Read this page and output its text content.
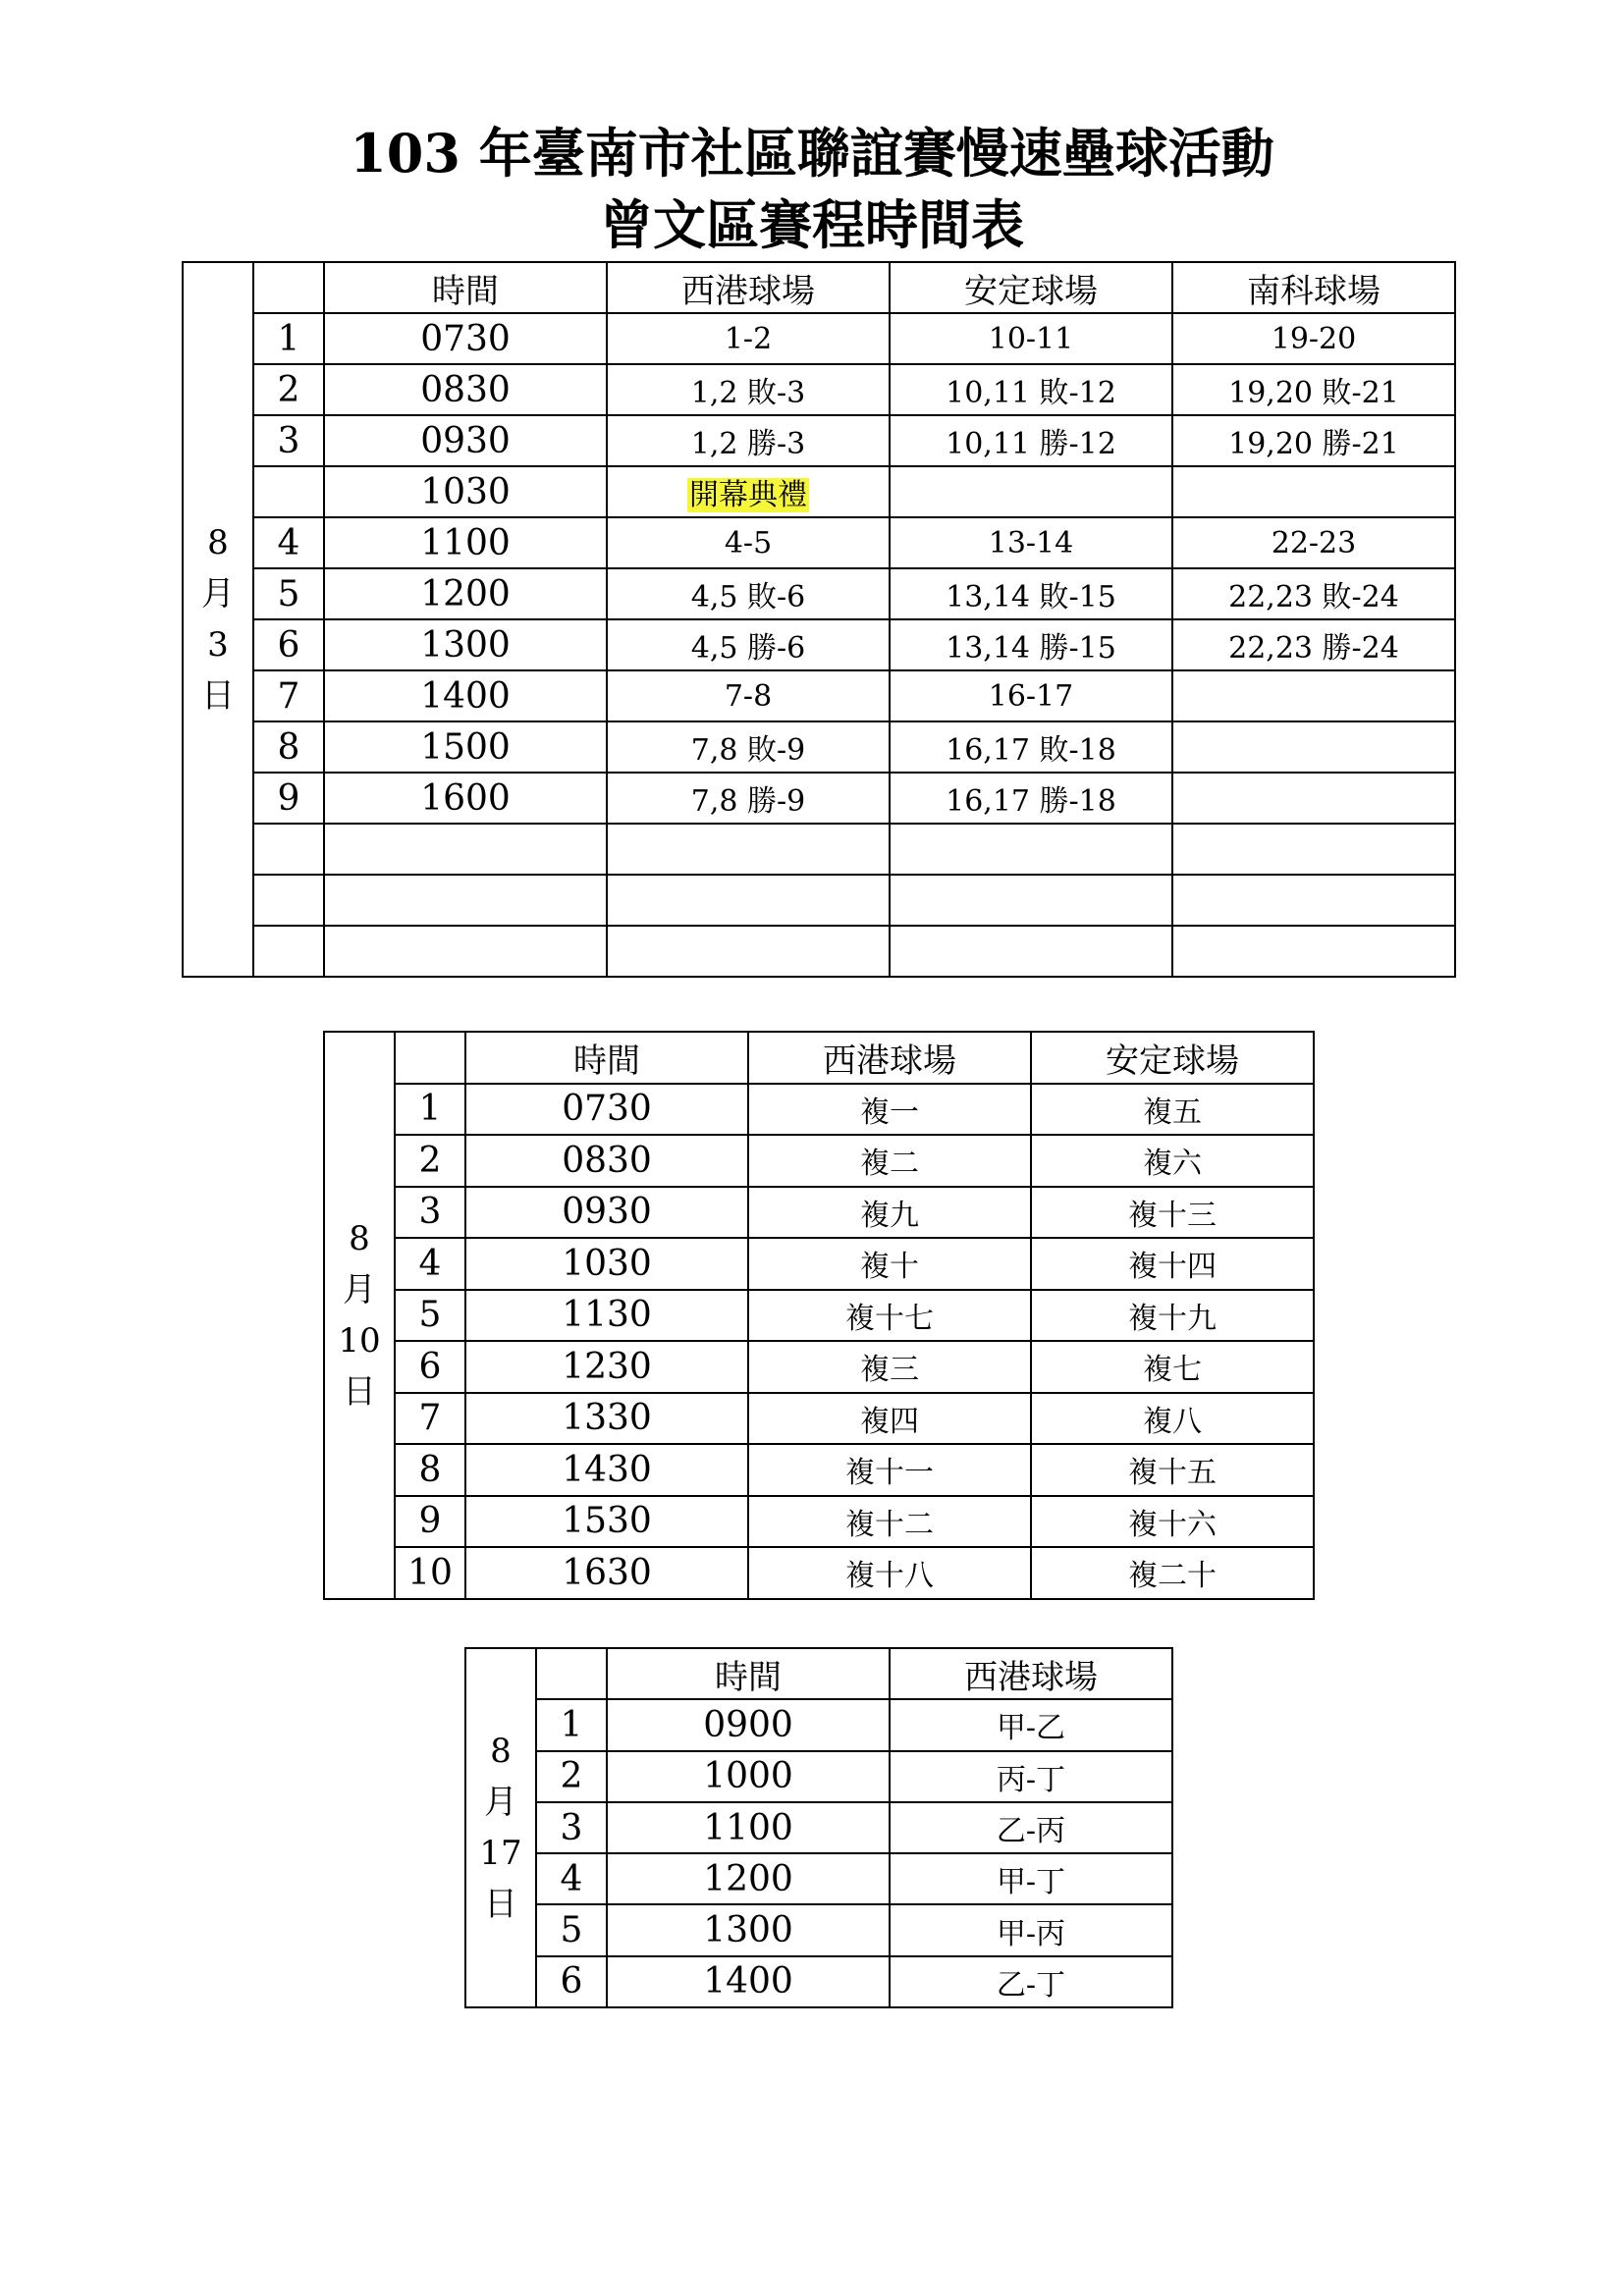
103 年臺南市社區聯誼賽慢速壘球活動
曾文區賽程時間表
8
月
3
日		時間	西港球場	安定球場	南科球場
	1	0730	1-2	10-11	19-20
	2	0830	1,2 敗-3	10,11 敗-12	19,20 敗-21
	3	0930	1,2 勝-3	10,11 勝-12	19,20 勝-21
		1030	開幕典禮		
	4	1100	4-5	13-14	22-23
	5	1200	4,5 敗-6	13,14 敗-15	22,23 敗-24
	6	1300	4,5 勝-6	13,14 勝-15	22,23 勝-24
	7	1400	7-8	16-17	
	8	1500	7,8 敗-9	16,17 敗-18	
	9	1600	7,8 勝-9	16,17 勝-18	

8
月
10
日		時間	西港球場	安定球場
	1	0730	複一	複五
	2	0830	複二	複六
	3	0930	複九	複十三
	4	1030	複十	複十四
	5	1130	複十七	複十九
	6	1230	複三	複七
	7	1330	複四	複八
	8	1430	複十一	複十五
	9	1530	複十二	複十六
	10	1630	複十八	複二十
8
月
17
日		時間	西港球場
	1	0900	甲-乙
	2	1000	丙-丁
	3	1100	乙-丙
	4	1200	甲-丁
	5	1300	甲-丙
	6	1400	乙-丁
